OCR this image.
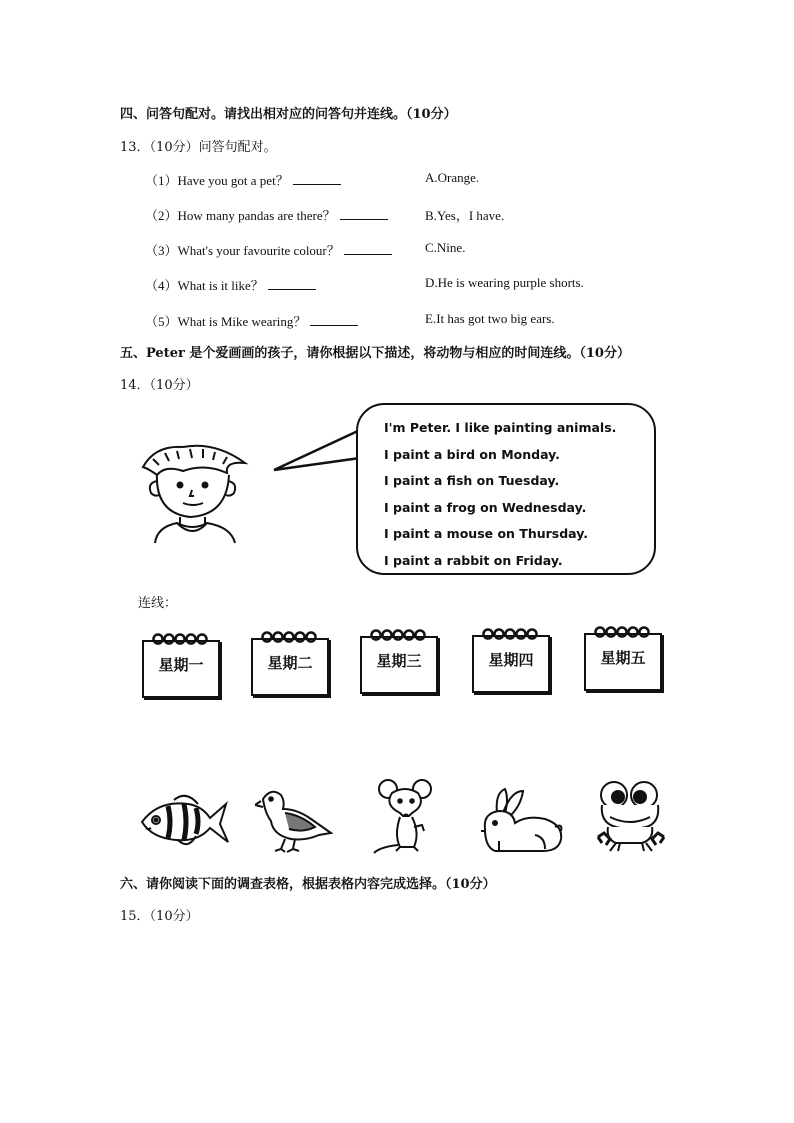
四、问答句配对。请找出相对应的问答句并连线。（10分）
13．（10分）问答句配对。
（1）Have you got a pet？
（2）How many pandas are there？
（3）What's your favourite colour？
（4）What is it like？
（5）What is Mike wearing？
A.Orange.
B.Yes，I have.
C.Nine.
D.He is wearing purple shorts.
E.It has got two big ears.
五、Peter 是个爱画画的孩子，请你根据以下描述，将动物与相应的时间连线。（10分）
14．（10分）
I'm Peter. I like painting animals.
I paint a bird on Monday.
I paint a fish on Tuesday.
I paint a frog on Wednesday.
I paint a mouse on Thursday.
I paint a rabbit on Friday.
连线：
星期一	星期二	星期三	星期四	星期五
六、请你阅读下面的调查表格，根据表格内容完成选择。（10分）
15．（10分）
